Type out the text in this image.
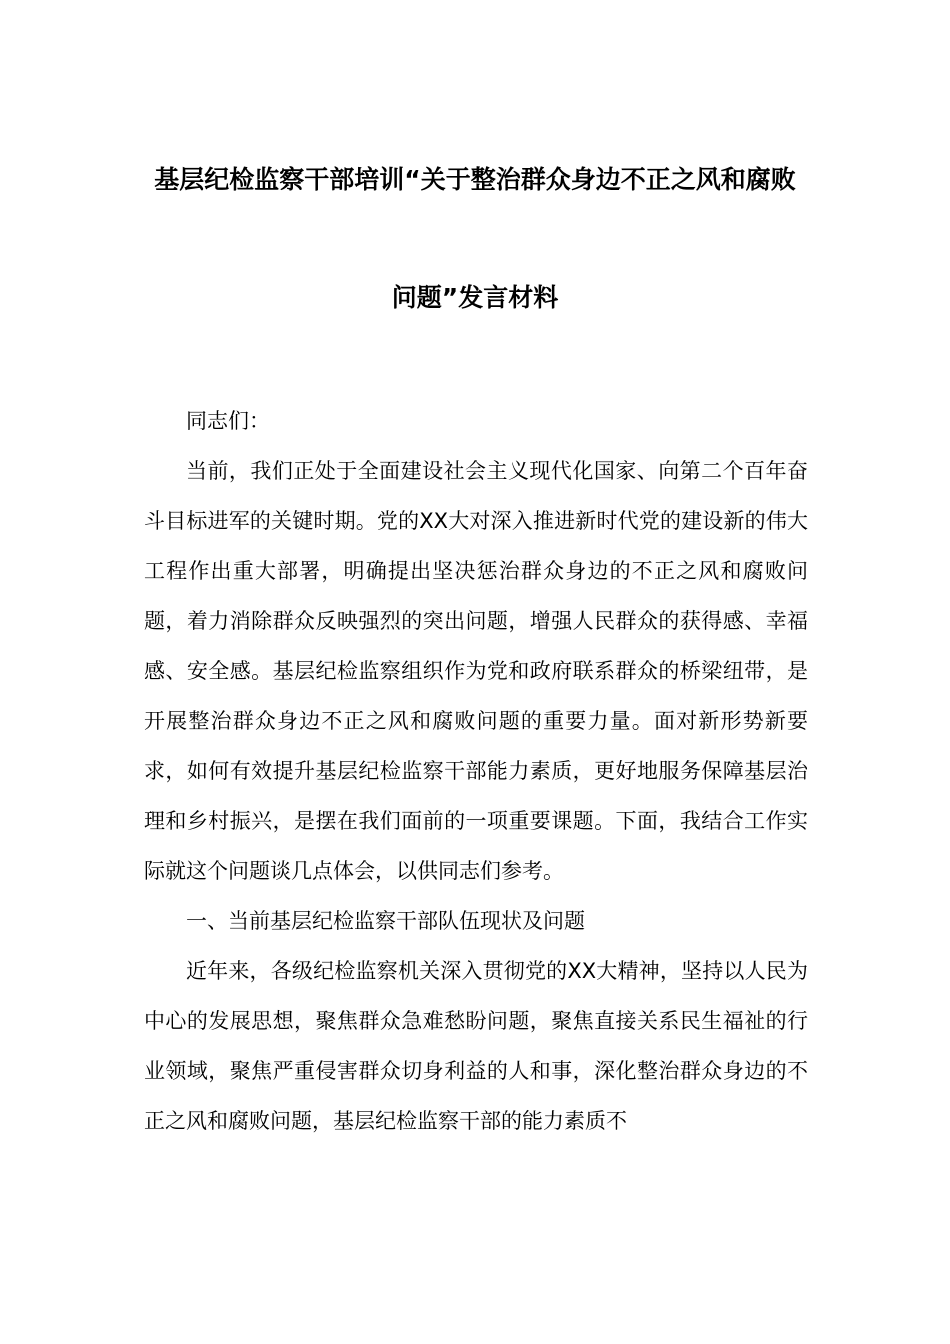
基层纪检监察干部培训“关于整治群众身边不正之风和腐败
问题”发言材料

同志们：

当前，我们正处于全面建设社会主义现代化国家、向第二个百年奋斗目标进军的关键时期。党的XX大对深入推进新时代党的建设新的伟大工程作出重大部署，明确提出坚决惩治群众身边的不正之风和腐败问题，着力消除群众反映强烈的突出问题，增强人民群众的获得感、幸福感、安全感。基层纪检监察组织作为党和政府联系群众的桥梁纽带，是开展整治群众身边不正之风和腐败问题的重要力量。面对新形势新要求，如何有效提升基层纪检监察干部能力素质，更好地服务保障基层治理和乡村振兴，是摆在我们面前的一项重要课题。下面，我结合工作实际就这个问题谈几点体会，以供同志们参考。

一、当前基层纪检监察干部队伍现状及问题

近年来，各级纪检监察机关深入贯彻党的XX大精神，坚持以人民为中心的发展思想，聚焦群众急难愁盼问题，聚焦直接关系民生福祉的行业领域，聚焦严重侵害群众切身利益的人和事，深化整治群众身边的不正之风和腐败问题，基层纪检监察干部的能力素质不
